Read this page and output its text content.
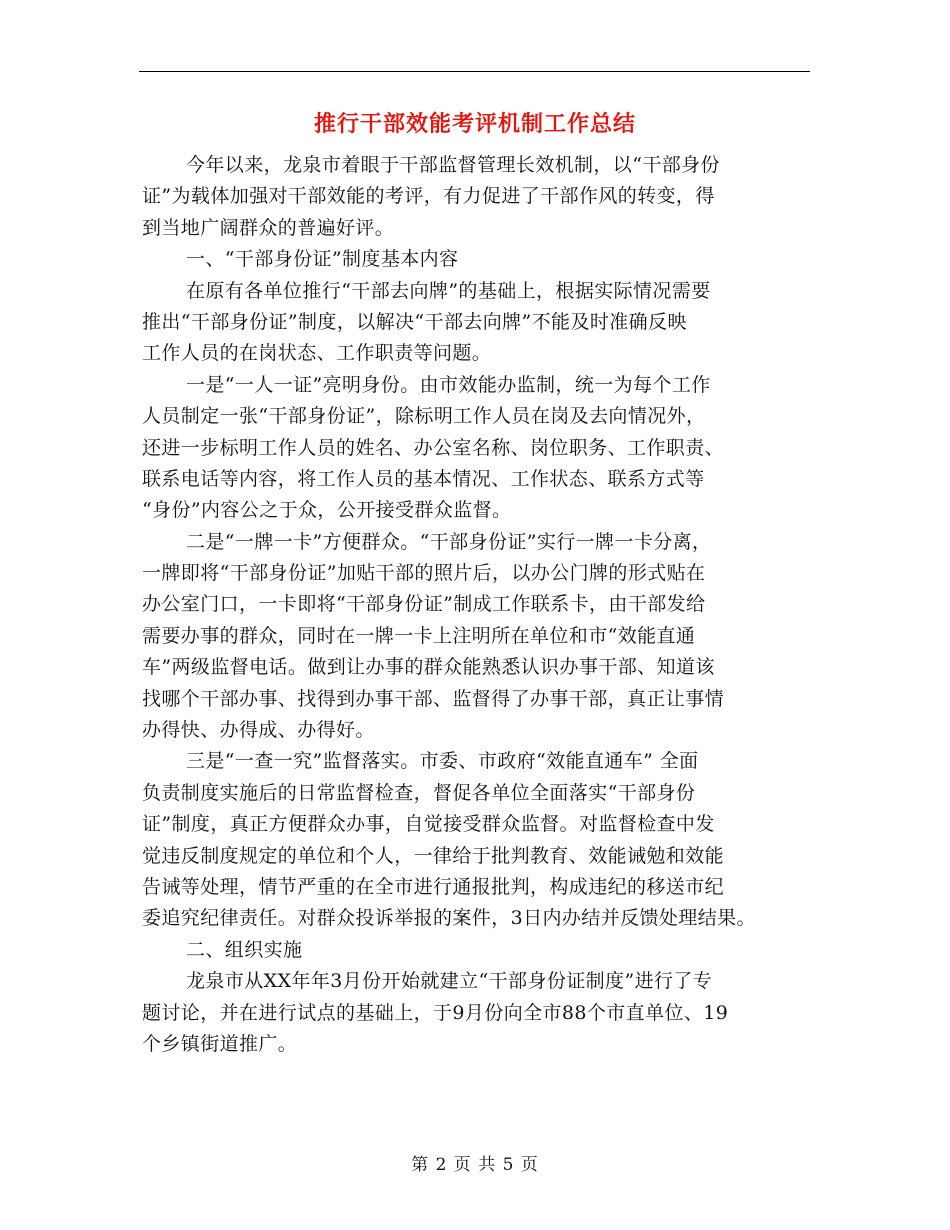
推行干部效能考评机制工作总结
今年以来，龙泉市着眼于干部监督管理长效机制，以“干部身份
证”为载体加强对干部效能的考评，有力促进了干部作风的转变，得
到当地广阔群众的普遍好评。
一、“干部身份证”制度基本内容
在原有各单位推行“干部去向牌”的基础上，根据实际情况需要
推出“干部身份证”制度，以解决“干部去向牌”不能及时准确反映
工作人员的在岗状态、工作职责等问题。
一是“一人一证”亮明身份。由市效能办监制，统一为每个工作
人员制定一张“干部身份证”，除标明工作人员在岗及去向情况外，
还进一步标明工作人员的姓名、办公室名称、岗位职务、工作职责、
联系电话等内容，将工作人员的基本情况、工作状态、联系方式等
“身份”内容公之于众，公开接受群众监督。
二是“一牌一卡”方便群众。“干部身份证”实行一牌一卡分离，
一牌即将“干部身份证”加贴干部的照片后，以办公门牌的形式贴在
办公室门口，一卡即将“干部身份证”制成工作联系卡，由干部发给
需要办事的群众，同时在一牌一卡上注明所在单位和市“效能直通
车”两级监督电话。做到让办事的群众能熟悉认识办事干部、知道该
找哪个干部办事、找得到办事干部、监督得了办事干部，真正让事情
办得快、办得成、办得好。
三是“一查一究”监督落实。市委、市政府“效能直通车” 全面
负责制度实施后的日常监督检查，督促各单位全面落实“干部身份
证”制度，真正方便群众办事，自觉接受群众监督。对监督检查中发
觉违反制度规定的单位和个人，一律给于批判教育、效能诫勉和效能
告诫等处理，情节严重的在全市进行通报批判，构成违纪的移送市纪
委追究纪律责任。对群众投诉举报的案件，3日内办结并反馈处理结果。
二、组织实施
龙泉市从XX年年3月份开始就建立“干部身份证制度”进行了专
题讨论，并在进行试点的基础上，于9月份向全市88个市直单位、19
个乡镇街道推广。
第 2 页 共 5 页
